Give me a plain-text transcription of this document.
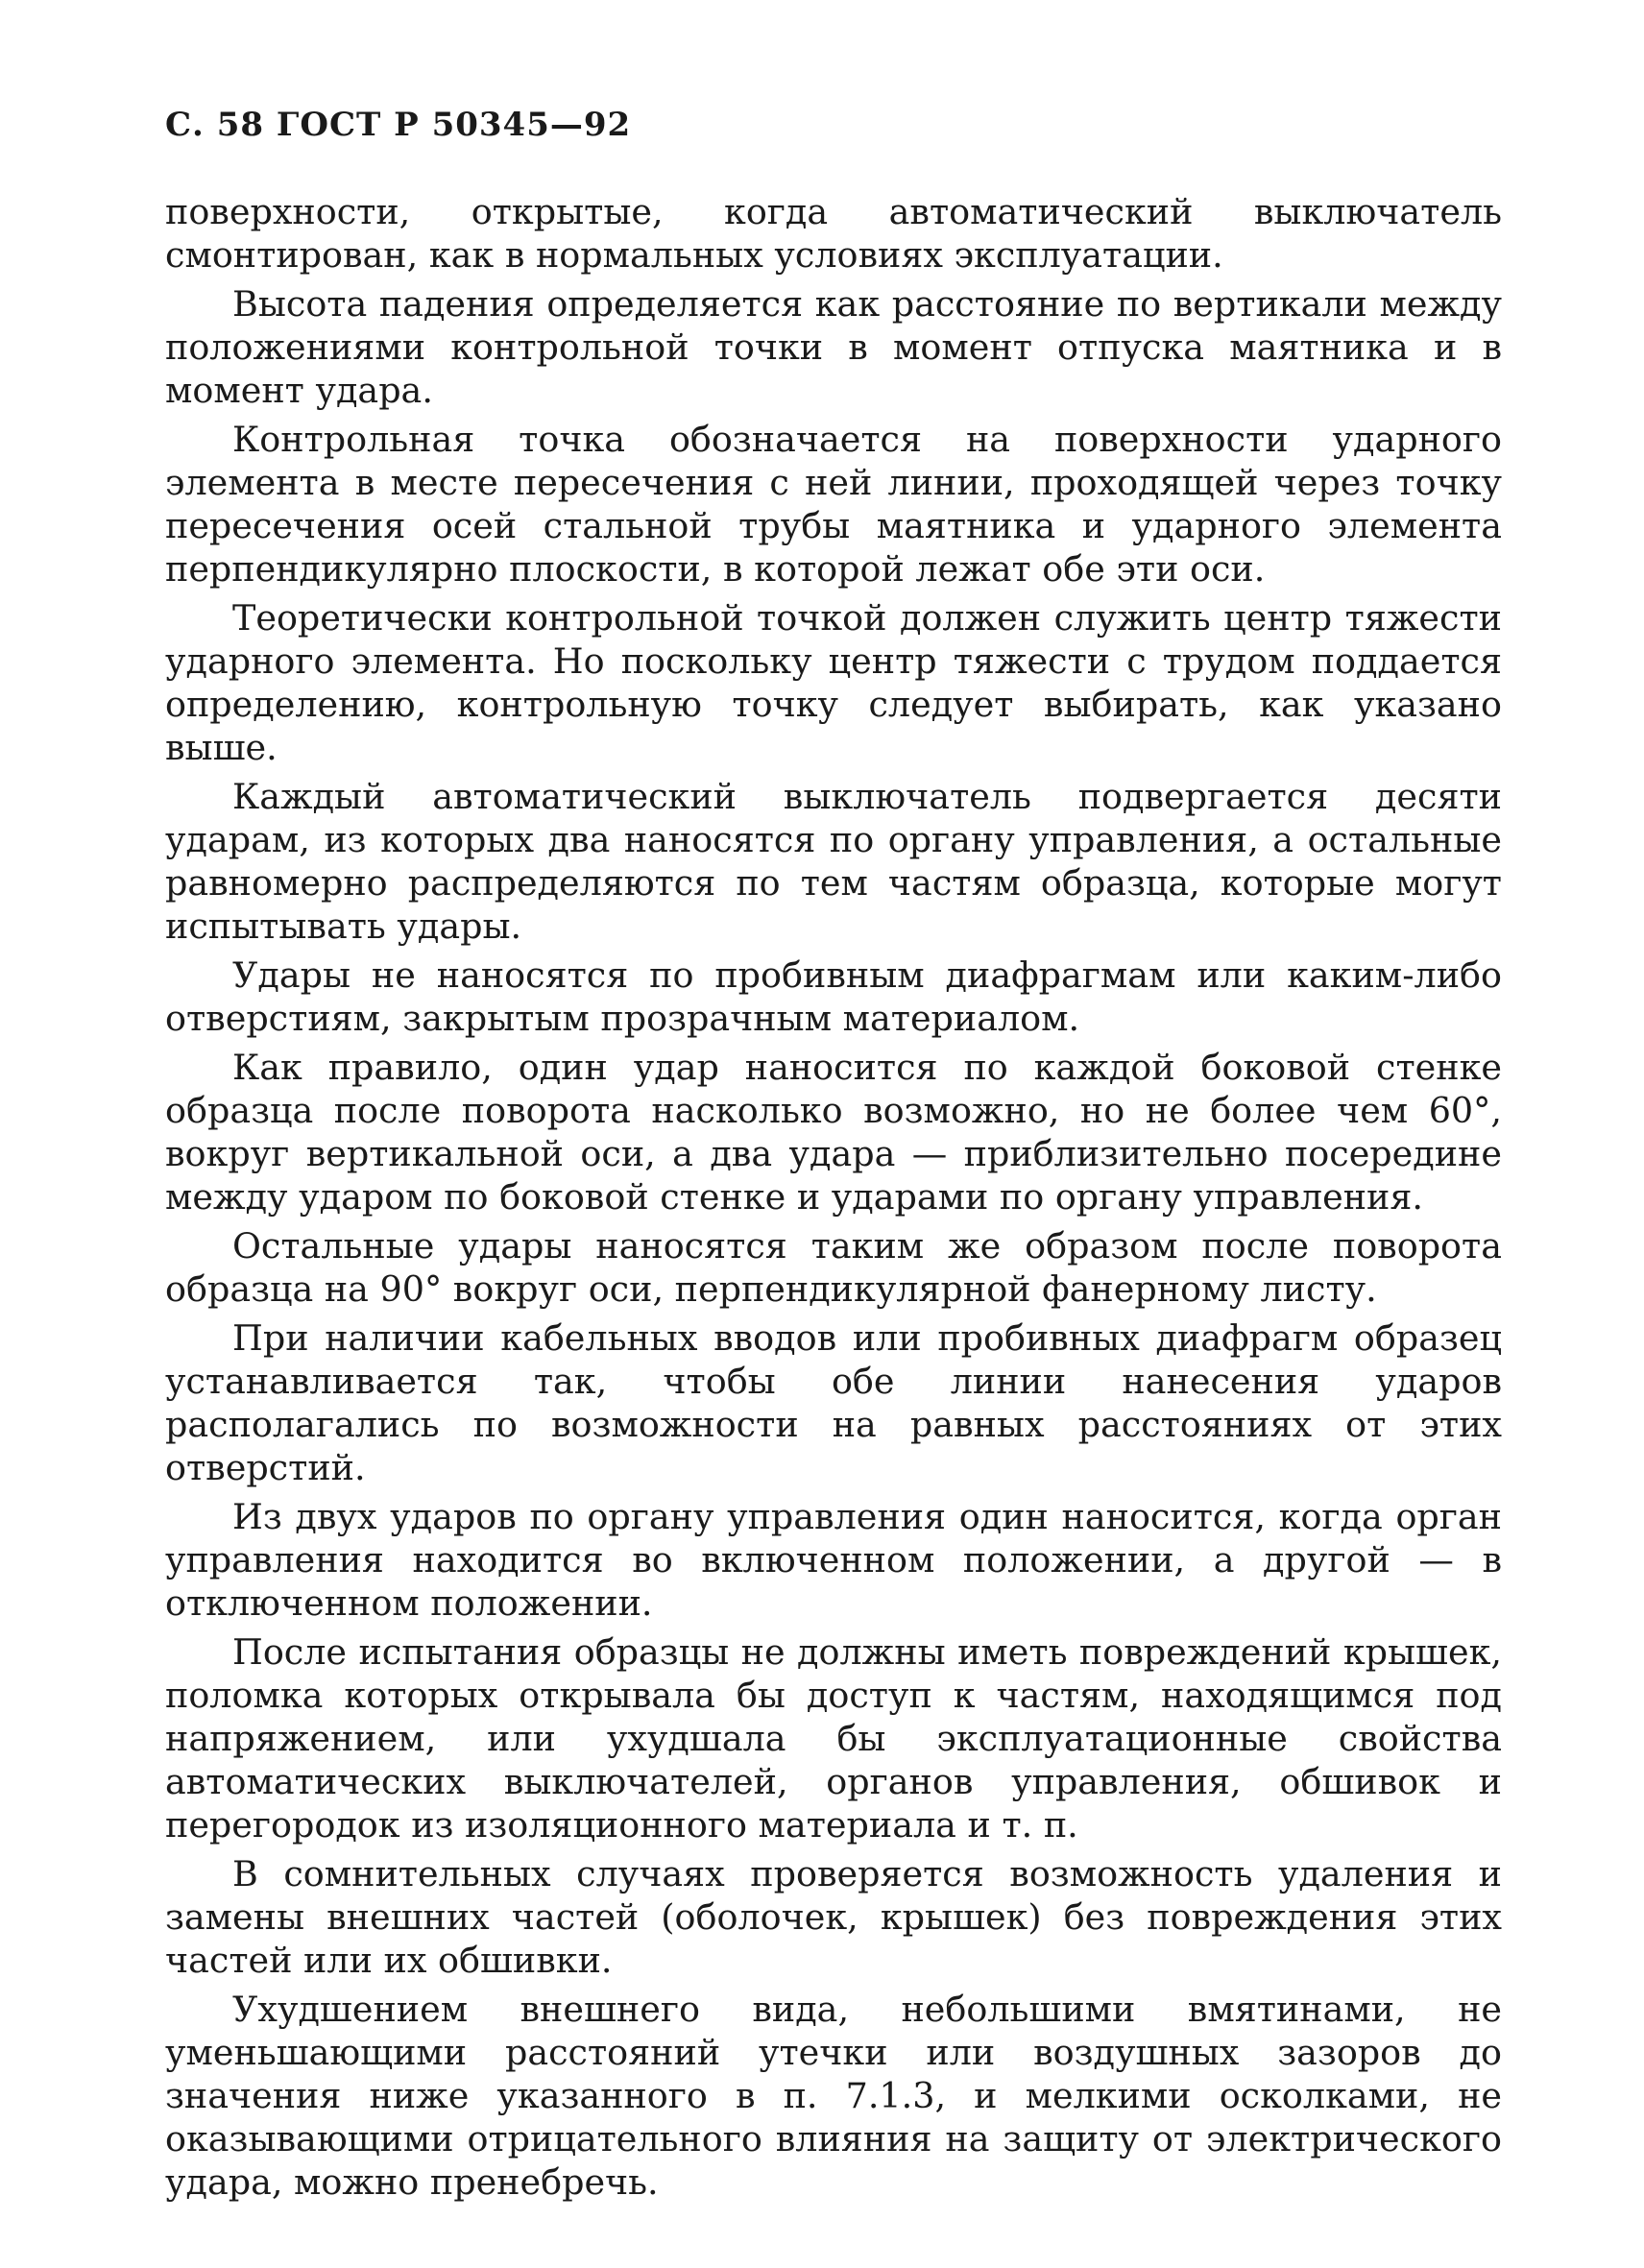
С. 58 ГОСТ Р 50345—92

поверхности, открытые, когда автоматический выключатель смонтирован, как в нормальных условиях эксплуатации.

Высота падения определяется как расстояние по вертикали между положениями контрольной точки в момент отпуска маятника и в момент удара.

Контрольная точка обозначается на поверхности ударного элемента в месте пересечения с ней линии, проходящей через точку пересечения осей стальной трубы маятника и ударного элемента перпендикулярно плоскости, в которой лежат обе эти оси.

Теоретически контрольной точкой должен служить центр тяжести ударного элемента. Но поскольку центр тяжести с трудом поддается определению, контрольную точку следует выбирать, как указано выше.

Каждый автоматический выключатель подвергается десяти ударам, из которых два наносятся по органу управления, а остальные равномерно распределяются по тем частям образца, которые могут испытывать удары.

Удары не наносятся по пробивным диафрагмам или каким-либо отверстиям, закрытым прозрачным материалом.

Как правило, один удар наносится по каждой боковой стенке образца после поворота насколько возможно, но не более чем 60°, вокруг вертикальной оси, а два удара — приблизительно посередине между ударом по боковой стенке и ударами по органу управления.

Остальные удары наносятся таким же образом после поворота образца на 90° вокруг оси, перпендикулярной фанерному листу.

При наличии кабельных вводов или пробивных диафрагм образец устанавливается так, чтобы обе линии нанесения ударов располагались по возможности на равных расстояниях от этих отверстий.

Из двух ударов по органу управления один наносится, когда орган управления находится во включенном положении, а другой — в отключенном положении.

После испытания образцы не должны иметь повреждений крышек, поломка которых открывала бы доступ к частям, находящимся под напряжением, или ухудшала бы эксплуатационные свойства автоматических выключателей, органов управления, обшивок и перегородок из изоляционного материала и т. п.

В сомнительных случаях проверяется возможность удаления и замены внешних частей (оболочек, крышек) без повреждения этих частей или их обшивки.

Ухудшением внешнего вида, небольшими вмятинами, не уменьшающими расстояний утечки или воздушных зазоров до значения ниже указанного в п. 7.1.3, и мелкими осколками, не оказывающими отрицательного влияния на защиту от электрического удара, можно пренебречь.
